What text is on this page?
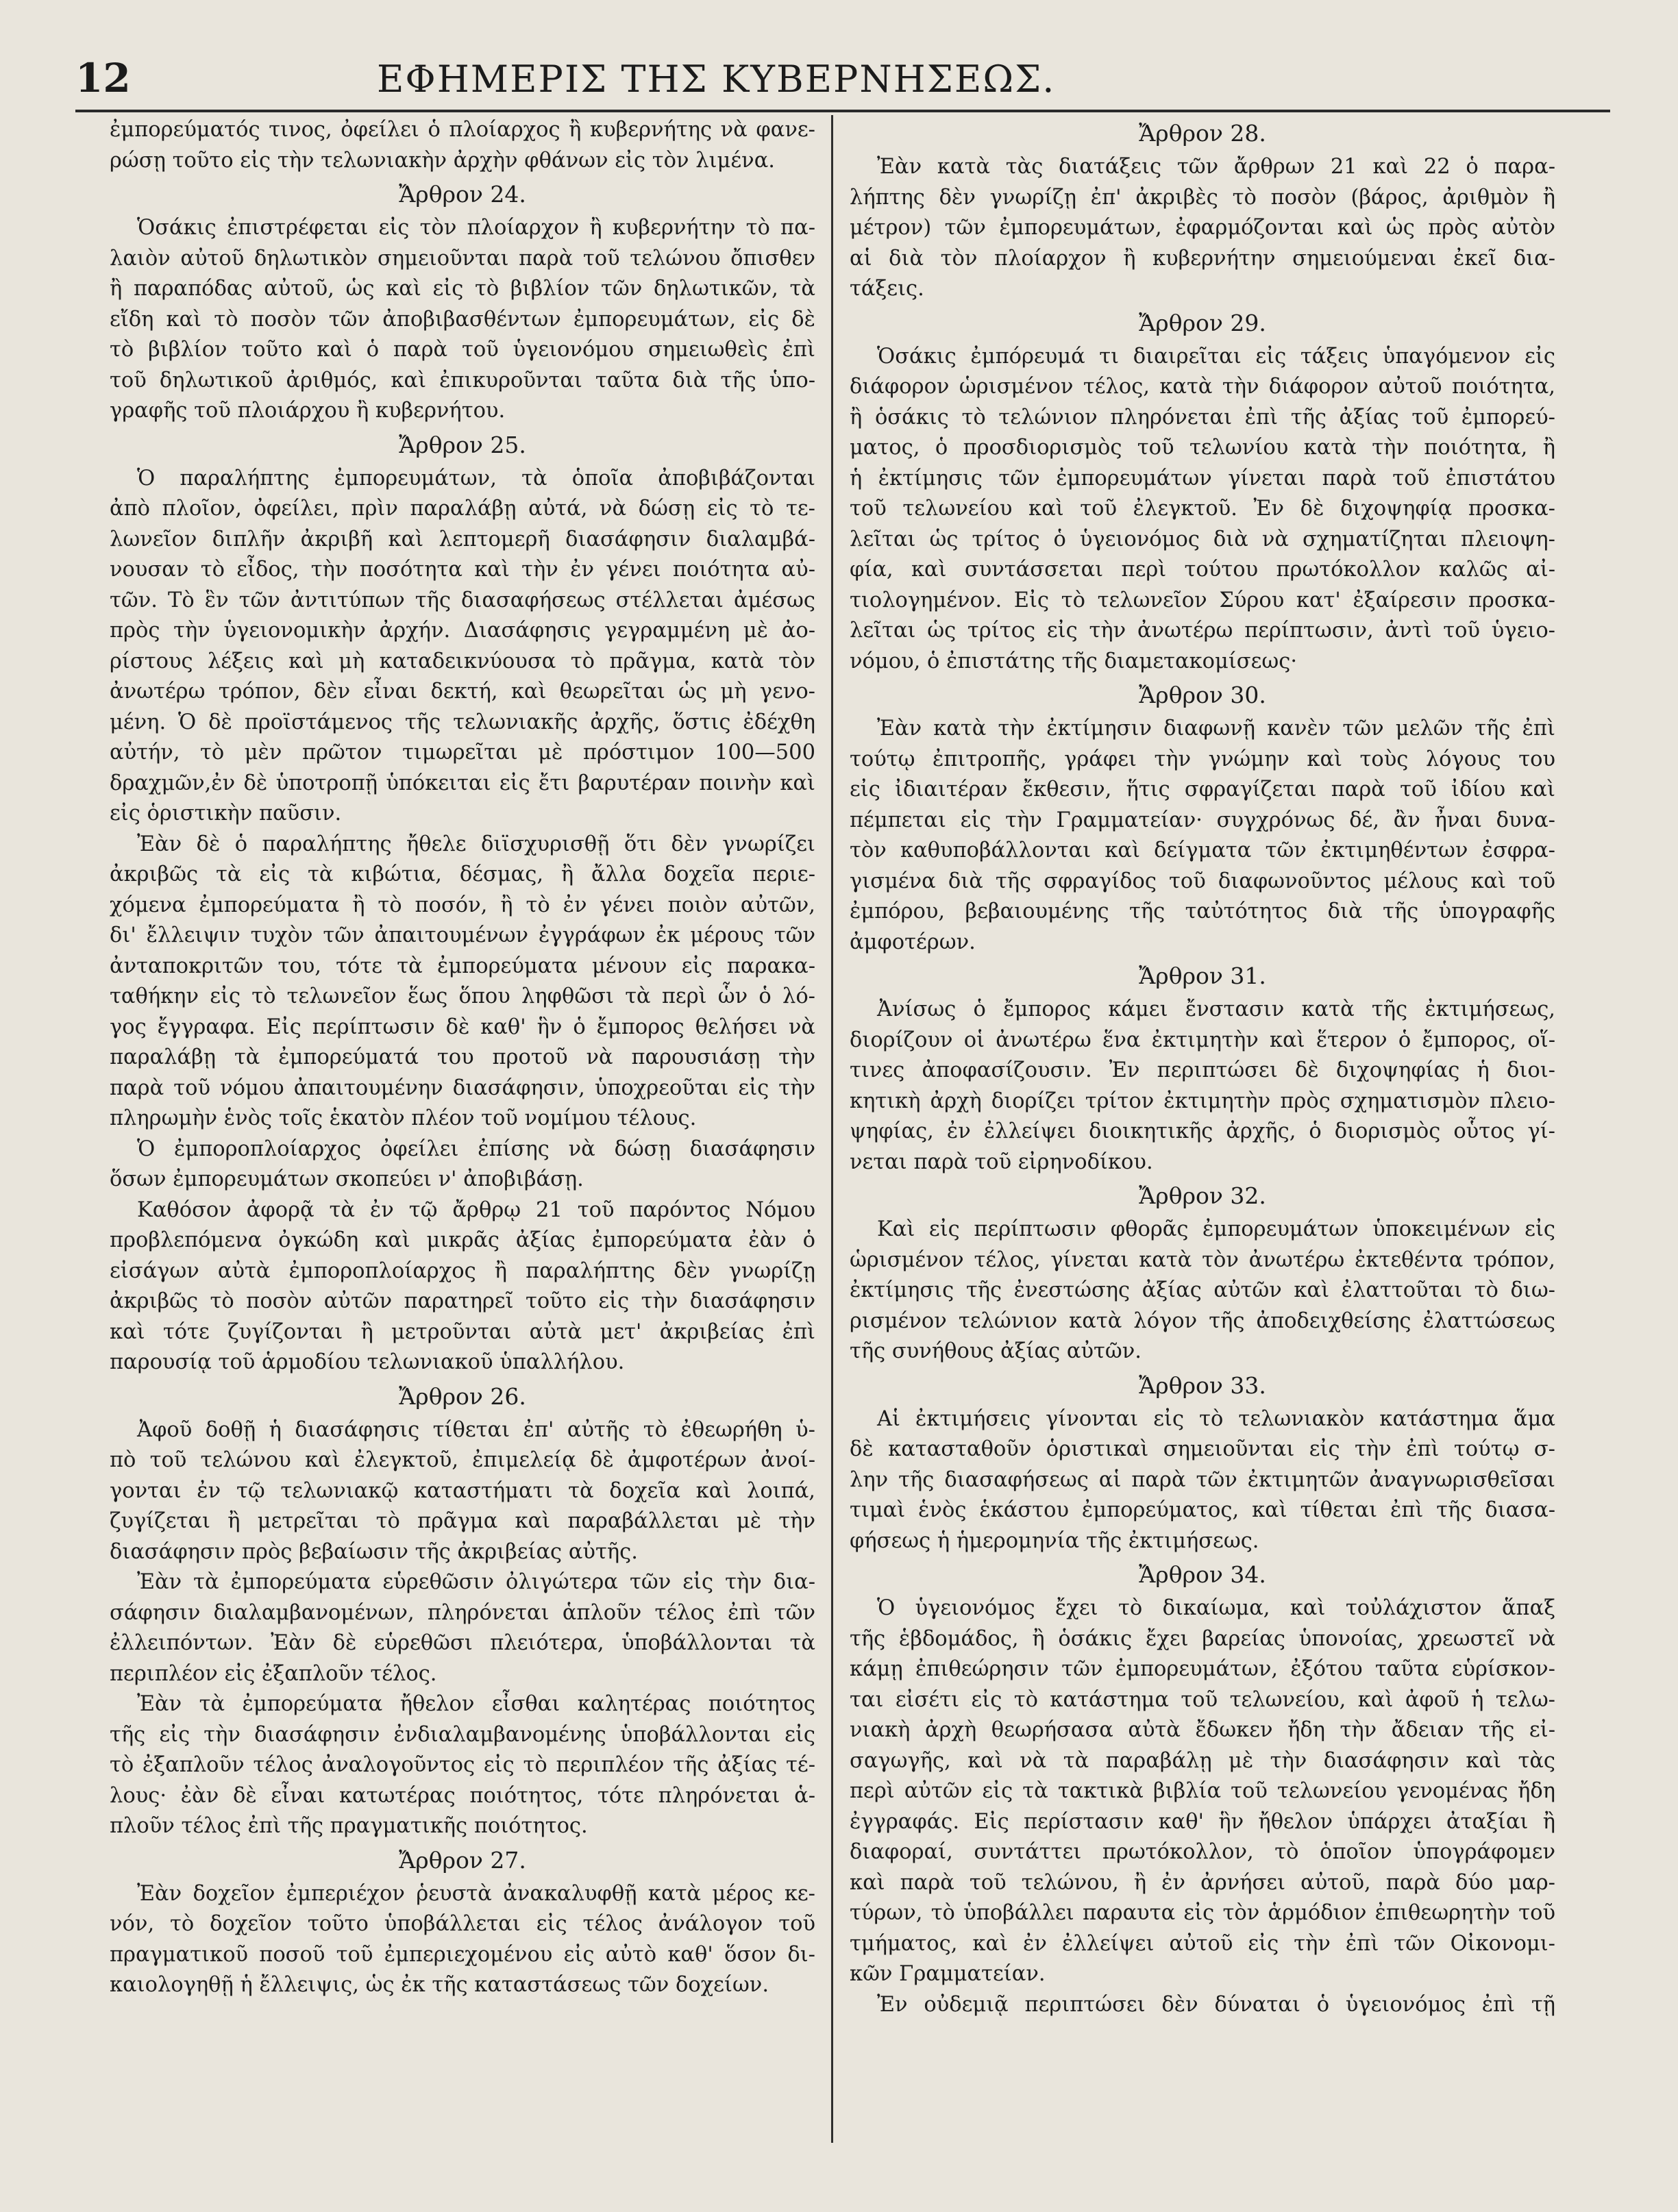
12	ΕΦΗΜΕΡΙΣ ΤΗΣ ΚΥΒΕΡΝΗΣΕΩΣ.
ἐμπορεύματός τινος, ὀφείλει ὁ πλοίαρχος ἢ κυβερνήτης νὰ φανε-
ρώσῃ τοῦτο εἰς τὴν τελωνιακὴν ἀρχὴν φθάνων εἰς τὸν λιμένα.
Ἄρθρον 24.
Ὁσάκις ἐπιστρέφεται εἰς τὸν πλοίαρχον ἢ κυβερνήτην τὸ πα-
λαιὸν αὐτοῦ δηλωτικὸν σημειοῦνται παρὰ τοῦ τελώνου ὄπισθεν
ἢ παραπόδας αὐτοῦ, ὡς καὶ εἰς τὸ βιβλίον τῶν δηλωτικῶν, τὰ
εἴδη καὶ τὸ ποσὸν τῶν ἀποβιβασθέντων ἐμπορευμάτων, εἰς δὲ
τὸ βιβλίον τοῦτο καὶ ὁ παρὰ τοῦ ὑγειονόμου σημειωθεὶς ἐπὶ
τοῦ δηλωτικοῦ ἀριθμός, καὶ ἐπικυροῦνται ταῦτα διὰ τῆς ὑπο-
γραφῆς τοῦ πλοιάρχου ἢ κυβερνήτου.
Ἄρθρον 25.
Ὁ παραλήπτης ἐμπορευμάτων, τὰ ὁποῖα ἀποβιβάζονται
ἀπὸ πλοῖον, ὀφείλει, πρὶν παραλάβῃ αὐτά, νὰ δώσῃ εἰς τὸ τε-
λωνεῖον διπλῆν ἀκριβῆ καὶ λεπτομερῆ διασάφησιν διαλαμβά-
νουσαν τὸ εἶδος, τὴν ποσότητα καὶ τὴν ἐν γένει ποιότητα αὐ-
τῶν. Τὸ ἓν τῶν ἀντιτύπων τῆς διασαφήσεως στέλλεται ἀμέσως
πρὸς τὴν ὑγειονομικὴν ἀρχήν. Διασάφησις γεγραμμένη μὲ ἀο-
ρίστους λέξεις καὶ μὴ καταδεικνύουσα τὸ πρᾶγμα, κατὰ τὸν
ἀνωτέρω τρόπον, δὲν εἶναι δεκτή, καὶ θεωρεῖται ὡς μὴ γενο-
μένη. Ὁ δὲ προϊστάμενος τῆς τελωνιακῆς ἀρχῆς, ὅστις ἐδέχθη
αὐτήν, τὸ μὲν πρῶτον τιμωρεῖται μὲ πρόστιμον 100—500
δραχμῶν,ἐν δὲ ὑποτροπῇ ὑπόκειται εἰς ἔτι βαρυτέραν ποινὴν καὶ
εἰς ὁριστικὴν παῦσιν.
Ἐὰν δὲ ὁ παραλήπτης ἤθελε διϊσχυρισθῇ ὅτι δὲν γνωρίζει
ἀκριβῶς τὰ εἰς τὰ κιβώτια, δέσμας, ἢ ἄλλα δοχεῖα περιε-
χόμενα ἐμπορεύματα ἢ τὸ ποσόν, ἢ τὸ ἐν γένει ποιὸν αὐτῶν,
δι' ἔλλειψιν τυχὸν τῶν ἀπαιτουμένων ἐγγράφων ἐκ μέρους τῶν
ἀνταποκριτῶν του, τότε τὰ ἐμπορεύματα μένουν εἰς παρακα-
ταθήκην εἰς τὸ τελωνεῖον ἕως ὅπου ληφθῶσι τὰ περὶ ὧν ὁ λό-
γος ἔγγραφα. Εἰς περίπτωσιν δὲ καθ' ἣν ὁ ἔμπορος θελήσει νὰ
παραλάβῃ τὰ ἐμπορεύματά του προτοῦ νὰ παρουσιάσῃ τὴν
παρὰ τοῦ νόμου ἀπαιτουμένην διασάφησιν, ὑποχρεοῦται εἰς τὴν
πληρωμὴν ἑνὸς τοῖς ἑκατὸν πλέον τοῦ νομίμου τέλους.
Ὁ ἐμποροπλοίαρχος ὀφείλει ἐπίσης νὰ δώσῃ διασάφησιν
ὅσων ἐμπορευμάτων σκοπεύει ν' ἀποβιβάσῃ.
Καθόσον ἀφορᾷ τὰ ἐν τῷ ἄρθρῳ 21 τοῦ παρόντος Νόμου
προβλεπόμενα ὀγκώδη καὶ μικρᾶς ἀξίας ἐμπορεύματα ἐὰν ὁ
εἰσάγων αὐτὰ ἐμποροπλοίαρχος ἢ παραλήπτης δὲν γνωρίζῃ
ἀκριβῶς τὸ ποσὸν αὐτῶν παρατηρεῖ τοῦτο εἰς τὴν διασάφησιν
καὶ τότε ζυγίζονται ἢ μετροῦνται αὐτὰ μετ' ἀκριβείας ἐπὶ
παρουσίᾳ τοῦ ἁρμοδίου τελωνιακοῦ ὑπαλλήλου.
Ἄρθρον 26.
Ἀφοῦ δοθῇ ἡ διασάφησις τίθεται ἐπ' αὐτῆς τὸ ἐθεωρήθη ὑ-
πὸ τοῦ τελώνου καὶ ἐλεγκτοῦ, ἐπιμελείᾳ δὲ ἀμφοτέρων ἀνοί-
γονται ἐν τῷ τελωνιακῷ καταστήματι τὰ δοχεῖα καὶ λοιπά,
ζυγίζεται ἢ μετρεῖται τὸ πρᾶγμα καὶ παραβάλλεται μὲ τὴν
διασάφησιν πρὸς βεβαίωσιν τῆς ἀκριβείας αὐτῆς.
Ἐὰν τὰ ἐμπορεύματα εὑρεθῶσιν ὀλιγώτερα τῶν εἰς τὴν δια-
σάφησιν διαλαμβανομένων, πληρόνεται ἁπλοῦν τέλος ἐπὶ τῶν
ἐλλειπόντων. Ἐὰν δὲ εὑρεθῶσι πλειότερα, ὑποβάλλονται τὰ
περιπλέον εἰς ἐξαπλοῦν τέλος.
Ἐὰν τὰ ἐμπορεύματα ἤθελον εἶσθαι καλητέρας ποιότητος
τῆς εἰς τὴν διασάφησιν ἐνδιαλαμβανομένης ὑποβάλλονται εἰς
τὸ ἐξαπλοῦν τέλος ἀναλογοῦντος εἰς τὸ περιπλέον τῆς ἀξίας τέ-
λους· ἐὰν δὲ εἶναι κατωτέρας ποιότητος, τότε πληρόνεται ἁ-
πλοῦν τέλος ἐπὶ τῆς πραγματικῆς ποιότητος.
Ἄρθρον 27.
Ἐὰν δοχεῖον ἐμπεριέχον ῥευστὰ ἀνακαλυφθῇ κατὰ μέρος κε-
νόν, τὸ δοχεῖον τοῦτο ὑποβάλλεται εἰς τέλος ἀνάλογον τοῦ
πραγματικοῦ ποσοῦ τοῦ ἐμπεριεχομένου εἰς αὐτὸ καθ' ὅσον δι-
καιολογηθῇ ἡ ἔλλειψις, ὡς ἐκ τῆς καταστάσεως τῶν δοχείων.
Ἄρθρον 28.
Ἐὰν κατὰ τὰς διατάξεις τῶν ἄρθρων 21 καὶ 22 ὁ παρα-
λήπτης δὲν γνωρίζῃ ἐπ' ἀκριβὲς τὸ ποσὸν (βάρος, ἀριθμὸν ἢ
μέτρον) τῶν ἐμπορευμάτων, ἐφαρμόζονται καὶ ὡς πρὸς αὐτὸν
αἱ διὰ τὸν πλοίαρχον ἢ κυβερνήτην σημειούμεναι ἐκεῖ δια-
τάξεις.
Ἄρθρον 29.
Ὁσάκις ἐμπόρευμά τι διαιρεῖται εἰς τάξεις ὑπαγόμενον εἰς
διάφορον ὡρισμένον τέλος, κατὰ τὴν διάφορον αὐτοῦ ποιότητα,
ἢ ὁσάκις τὸ τελώνιον πληρόνεται ἐπὶ τῆς ἀξίας τοῦ ἐμπορεύ-
ματος, ὁ προσδιορισμὸς τοῦ τελωνίου κατὰ τὴν ποιότητα, ἢ
ἡ ἐκτίμησις τῶν ἐμπορευμάτων γίνεται παρὰ τοῦ ἐπιστάτου
τοῦ τελωνείου καὶ τοῦ ἐλεγκτοῦ. Ἐν δὲ διχοψηφίᾳ προσκα-
λεῖται ὡς τρίτος ὁ ὑγειονόμος διὰ νὰ σχηματίζηται πλειοψη-
φία, καὶ συντάσσεται περὶ τούτου πρωτόκολλον καλῶς αἰ-
τιολογημένον. Εἰς τὸ τελωνεῖον Σύρου κατ' ἐξαίρεσιν προσκα-
λεῖται ὡς τρίτος εἰς τὴν ἀνωτέρω περίπτωσιν, ἀντὶ τοῦ ὑγειο-
νόμου, ὁ ἐπιστάτης τῆς διαμετακομίσεως·
Ἄρθρον 30.
Ἐὰν κατὰ τὴν ἐκτίμησιν διαφωνῇ κανὲν τῶν μελῶν τῆς ἐπὶ
τούτῳ ἐπιτροπῆς, γράφει τὴν γνώμην καὶ τοὺς λόγους του
εἰς ἰδιαιτέραν ἔκθεσιν, ἥτις σφραγίζεται παρὰ τοῦ ἰδίου καὶ
πέμπεται εἰς τὴν Γραμματείαν· συγχρόνως δέ, ἂν ἦναι δυνα-
τὸν καθυποβάλλονται καὶ δείγματα τῶν ἐκτιμηθέντων ἐσφρα-
γισμένα διὰ τῆς σφραγίδος τοῦ διαφωνοῦντος μέλους καὶ τοῦ
ἐμπόρου, βεβαιουμένης τῆς ταὐτότητος διὰ τῆς ὑπογραφῆς
ἀμφοτέρων.
Ἄρθρον 31.
Ἀνίσως ὁ ἔμπορος κάμει ἔνστασιν κατὰ τῆς ἐκτιμήσεως,
διορίζουν οἱ ἀνωτέρω ἕνα ἐκτιμητὴν καὶ ἕτερον ὁ ἔμπορος, οἵ-
τινες ἀποφασίζουσιν. Ἐν περιπτώσει δὲ διχοψηφίας ἡ διοι-
κητικὴ ἀρχὴ διορίζει τρίτον ἐκτιμητὴν πρὸς σχηματισμὸν πλειο-
ψηφίας, ἐν ἐλλείψει διοικητικῆς ἀρχῆς, ὁ διορισμὸς οὗτος γί-
νεται παρὰ τοῦ εἰρηνοδίκου.
Ἄρθρον 32.
Καὶ εἰς περίπτωσιν φθορᾶς ἐμπορευμάτων ὑποκειμένων εἰς
ὡρισμένον τέλος, γίνεται κατὰ τὸν ἀνωτέρω ἐκτεθέντα τρόπον,
ἐκτίμησις τῆς ἐνεστώσης ἀξίας αὐτῶν καὶ ἐλαττοῦται τὸ διω-
ρισμένον τελώνιον κατὰ λόγον τῆς ἀποδειχθείσης ἐλαττώσεως
τῆς συνήθους ἀξίας αὐτῶν.
Ἄρθρον 33.
Αἱ ἐκτιμήσεις γίνονται εἰς τὸ τελωνιακὸν κατάστημα ἅμα
δὲ κατασταθοῦν ὁριστικαὶ σημειοῦνται εἰς τὴν ἐπὶ τούτῳ σ-
λην τῆς διασαφήσεως αἱ παρὰ τῶν ἐκτιμητῶν ἀναγνωρισθεῖσαι
τιμαὶ ἑνὸς ἑκάστου ἐμπορεύματος, καὶ τίθεται ἐπὶ τῆς διασα-
φήσεως ἡ ἡμερομηνία τῆς ἐκτιμήσεως.
Ἄρθρον 34.
Ὁ ὑγειονόμος ἔχει τὸ δικαίωμα, καὶ τοὐλάχιστον ἅπαξ
τῆς ἑβδομάδος, ἢ ὁσάκις ἔχει βαρείας ὑπονοίας, χρεωστεῖ νὰ
κάμῃ ἐπιθεώρησιν τῶν ἐμπορευμάτων, ἐξότου ταῦτα εὑρίσκον-
ται εἰσέτι εἰς τὸ κατάστημα τοῦ τελωνείου, καὶ ἀφοῦ ἡ τελω-
νιακὴ ἀρχὴ θεωρήσασα αὐτὰ ἔδωκεν ἤδη τὴν ἄδειαν τῆς εἰ-
σαγωγῆς, καὶ νὰ τὰ παραβάλῃ μὲ τὴν διασάφησιν καὶ τὰς
περὶ αὐτῶν εἰς τὰ τακτικὰ βιβλία τοῦ τελωνείου γενομένας ἤδη
ἐγγραφάς. Εἰς περίστασιν καθ' ἣν ἤθελον ὑπάρχει ἀταξίαι ἢ
διαφοραί, συντάττει πρωτόκολλον, τὸ ὁποῖον ὑπογράφομεν
καὶ παρὰ τοῦ τελώνου, ἢ ἐν ἀρνήσει αὐτοῦ, παρὰ δύο μαρ-
τύρων, τὸ ὑποβάλλει παραυτα εἰς τὸν ἁρμόδιον ἐπιθεωρητὴν τοῦ
τμήματος, καὶ ἐν ἐλλείψει αὐτοῦ εἰς τὴν ἐπὶ τῶν Οἰκονομι-
κῶν Γραμματείαν.
Ἐν οὐδεμιᾷ περιπτώσει δὲν δύναται ὁ ὑγειονόμος ἐπὶ τῇ
